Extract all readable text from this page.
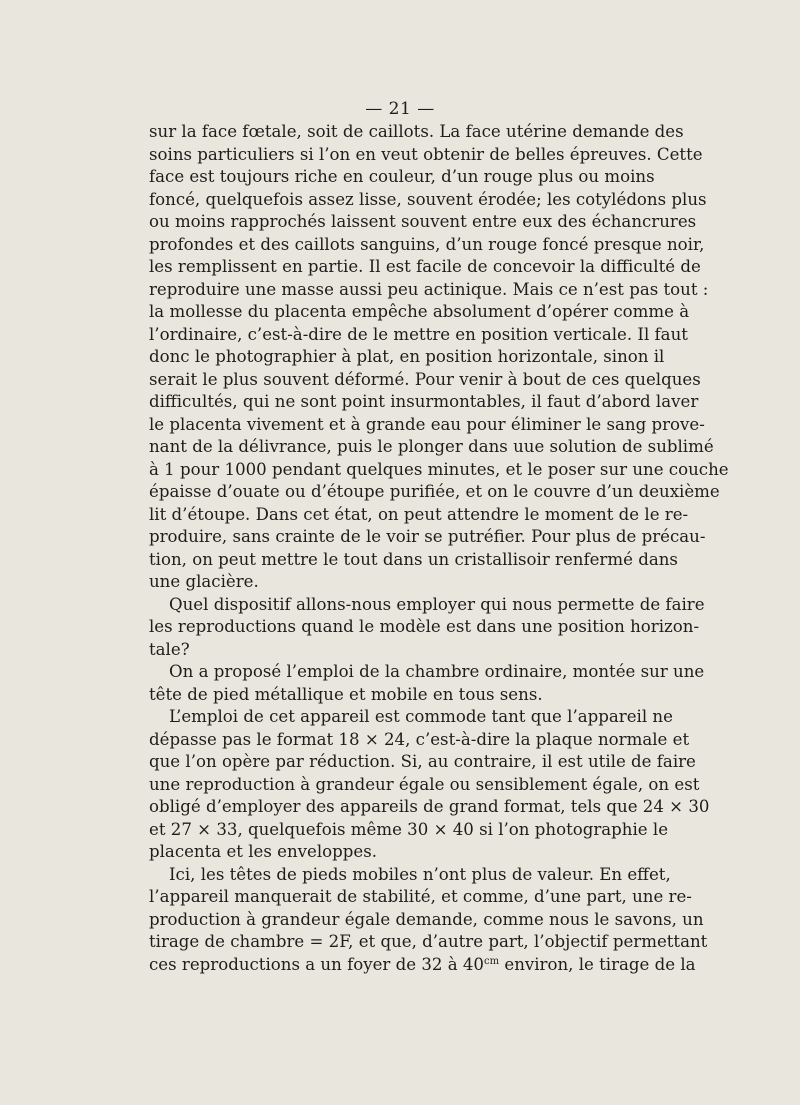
— 21 —
sur la face fœtale, soit de caillots. La face utérine demande des
soins particuliers si l’on en veut obtenir de belles épreuves. Cette
face est toujours riche en couleur, d’un rouge plus ou moins
foncé, quelquefois assez lisse, souvent érodée; les cotylédons plus
ou moins rapprochés laissent souvent entre eux des échancrures
profondes et des caillots sanguins, d’un rouge foncé presque noir,
les remplissent en partie. Il est facile de concevoir la difficulté de
reproduire une masse aussi peu actinique. Mais ce n’est pas tout :
la mollesse du placenta empêche absolument d’opérer comme à
l’ordinaire, c’est-à-dire de le mettre en position verticale. Il faut
donc le photographier à plat, en position horizontale, sinon il
serait le plus souvent déformé. Pour venir à bout de ces quelques
difficultés, qui ne sont point insurmontables, il faut d’abord laver
le placenta vivement et à grande eau pour éliminer le sang prove-
nant de la délivrance, puis le plonger dans uue solution de sublimé
à 1 pour 1000 pendant quelques minutes, et le poser sur une couche
épaisse d’ouate ou d’étoupe purifiée, et on le couvre d’un deuxième
lit d’étoupe. Dans cet état, on peut attendre le moment de le re-
produire, sans crainte de le voir se putréfier. Pour plus de précau-
tion, on peut mettre le tout dans un cristallisoir renfermé dans
une glacière.
Quel dispositif allons-nous employer qui nous permette de faire
les reproductions quand le modèle est dans une position horizon-
tale?
On a proposé l’emploi de la chambre ordinaire, montée sur une
tête de pied métallique et mobile en tous sens.
L’emploi de cet appareil est commode tant que l’appareil ne
dépasse pas le format 18 × 24, c’est-à-dire la plaque normale et
que l’on opère par réduction. Si, au contraire, il est utile de faire
une reproduction à grandeur égale ou sensiblement égale, on est
obligé d’employer des appareils de grand format, tels que 24 × 30
et 27 × 33, quelquefois même 30 × 40 si l’on photographie le
placenta et les enveloppes.
Ici, les têtes de pieds mobiles n’ont plus de valeur. En effet,
l’appareil manquerait de stabilité, et comme, d’une part, une re-
production à grandeur égale demande, comme nous le savons, un
tirage de chambre = 2F, et que, d’autre part, l’objectif permettant
ces reproductions a un foyer de 32 à $40^{cm}$ environ, le tirage de la
